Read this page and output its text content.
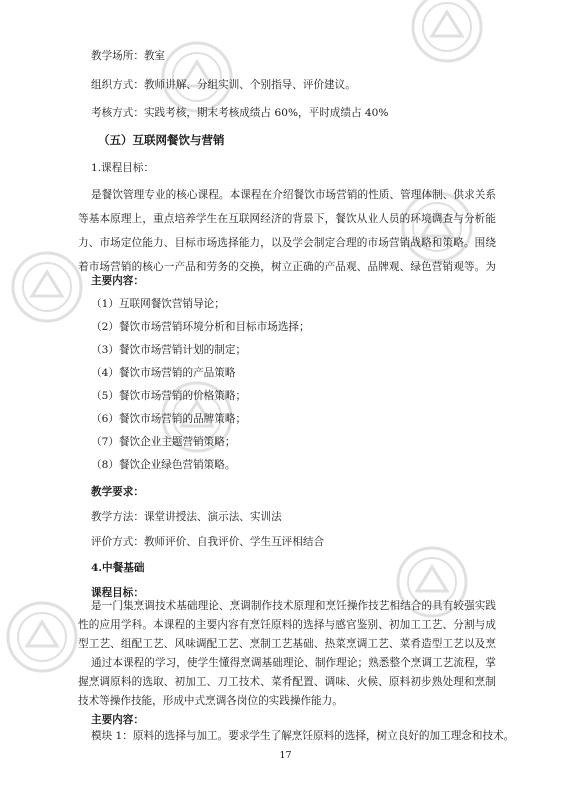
教学场所：教室
组织方式：教师讲解、分组实训、个别指导、评价建议。
考核方式：实践考核，期末考核成绩占 60%，平时成绩占 40%
（五）互联网餐饮与营销
1.课程目标：
是餐饮管理专业的核心课程。本课程在介绍餐饮市场营销的性质、管理体制、供求关系等基本原理上，重点培养学生在互联网经济的背景下，餐饮从业人员的环境调查与分析能力、市场定位能力、目标市场选择能力，以及学会制定合理的市场营销战略和策略。围绕着市场营销的核心一产品和劳务的交换，树立正确的产品观、品牌观、绿色营销观等。为
主要内容：
（1）互联网餐饮营销导论；
（2）餐饮市场营销环境分析和目标市场选择；
（3）餐饮市场营销计划的制定；
（4）餐饮市场营销的产品策略
（5）餐饮市场营销的价格策略；
（6）餐饮市场营销的品牌策略；
（7）餐饮企业主题营销策略；
（8）餐饮企业绿色营销策略。
教学要求：
教学方法：课堂讲授法、演示法、实训法
评价方式：教师评价、自我评价、学生互评相结合
4.中餐基础
课程目标：
是一门集烹调技术基础理论、烹调制作技术原理和烹饪操作技艺相结合的具有较强实践性的应用学科。本课程的主要内容有烹饪原料的选择与感官鉴别、初加工工艺、分割与成型工艺、组配工艺、风味调配工艺、烹制工艺基础、热菜烹调工艺、菜肴造型工艺以及烹
通过本课程的学习，使学生懂得烹调基础理论、制作理论；熟悉整个烹调工艺流程，掌握烹调原料的选取、初加工、刀工技术、菜肴配置、调味、火候、原料初步熟处理和烹制技术等操作技能，形成中式烹调各岗位的实践操作能力。
主要内容：
模块 1：原料的选择与加工。要求学生了解烹饪原料的选择，树立良好的加工理念和技术。
17
